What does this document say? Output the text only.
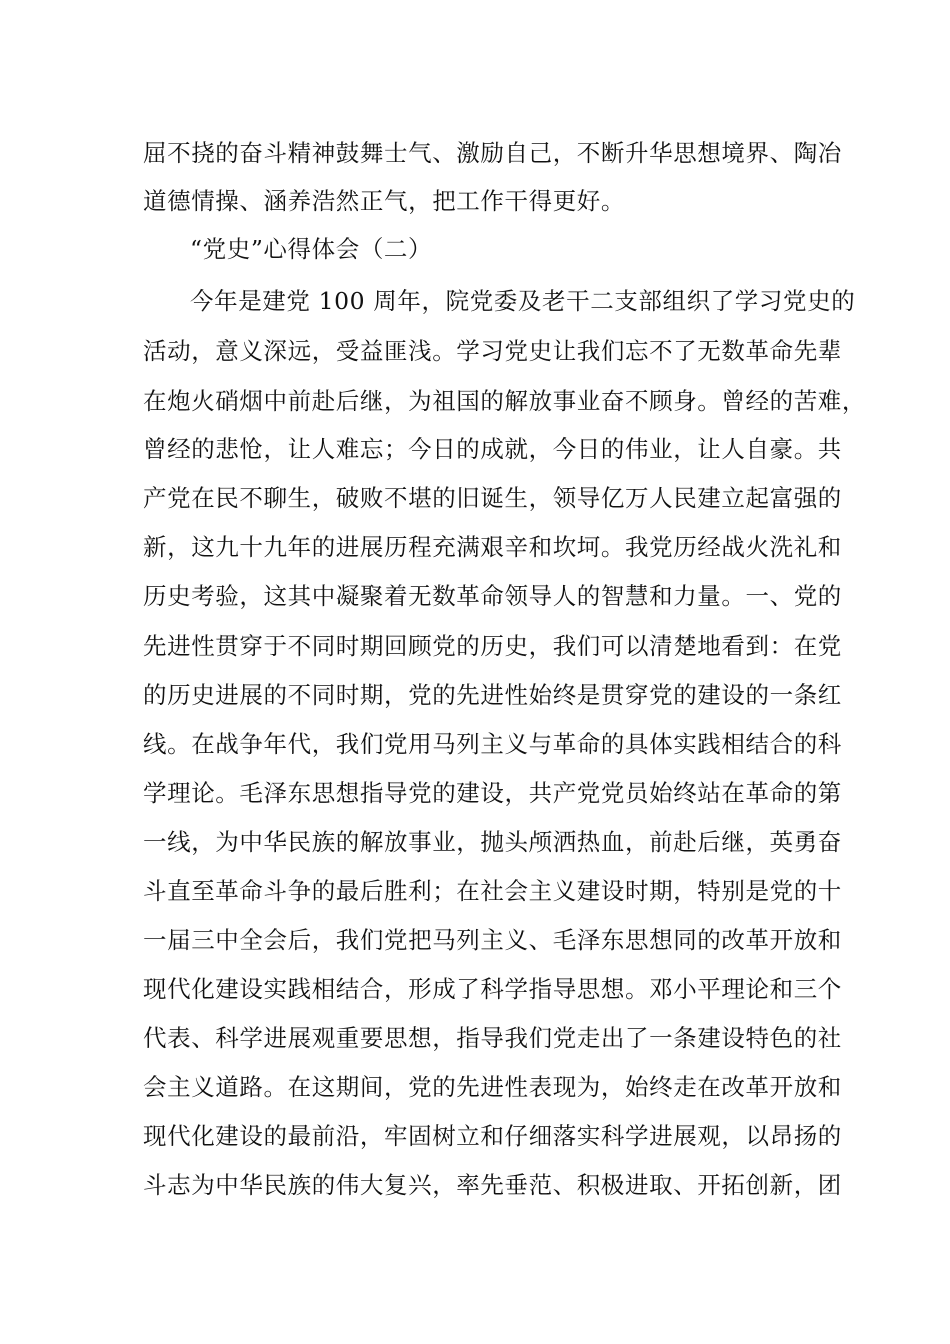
屈不挠的奋斗精神鼓舞士气、激励自己，不断升华思想境界、陶冶
道德情操、涵养浩然正气，把工作干得更好。
“党史”心得体会（二）
今年是建党 100 周年，院党委及老干二支部组织了学习党史的
活动，意义深远，受益匪浅。学习党史让我们忘不了无数革命先辈
在炮火硝烟中前赴后继，为祖国的解放事业奋不顾身。曾经的苦难，
曾经的悲怆，让人难忘；今日的成就，今日的伟业，让人自豪。共
产党在民不聊生，破败不堪的旧诞生，领导亿万人民建立起富强的
新，这九十九年的进展历程充满艰辛和坎坷。我党历经战火洗礼和
历史考验，这其中凝聚着无数革命领导人的智慧和力量。一、党的
先进性贯穿于不同时期回顾党的历史，我们可以清楚地看到：在党
的历史进展的不同时期，党的先进性始终是贯穿党的建设的一条红
线。在战争年代，我们党用马列主义与革命的具体实践相结合的科
学理论。毛泽东思想指导党的建设，共产党党员始终站在革命的第
一线，为中华民族的解放事业，抛头颅洒热血，前赴后继，英勇奋
斗直至革命斗争的最后胜利；在社会主义建设时期，特别是党的十
一届三中全会后，我们党把马列主义、毛泽东思想同的改革开放和
现代化建设实践相结合，形成了科学指导思想。邓小平理论和三个
代表、科学进展观重要思想，指导我们党走出了一条建设特色的社
会主义道路。在这期间，党的先进性表现为，始终走在改革开放和
现代化建设的最前沿，牢固树立和仔细落实科学进展观，以昂扬的
斗志为中华民族的伟大复兴，率先垂范、积极进取、开拓创新，团
